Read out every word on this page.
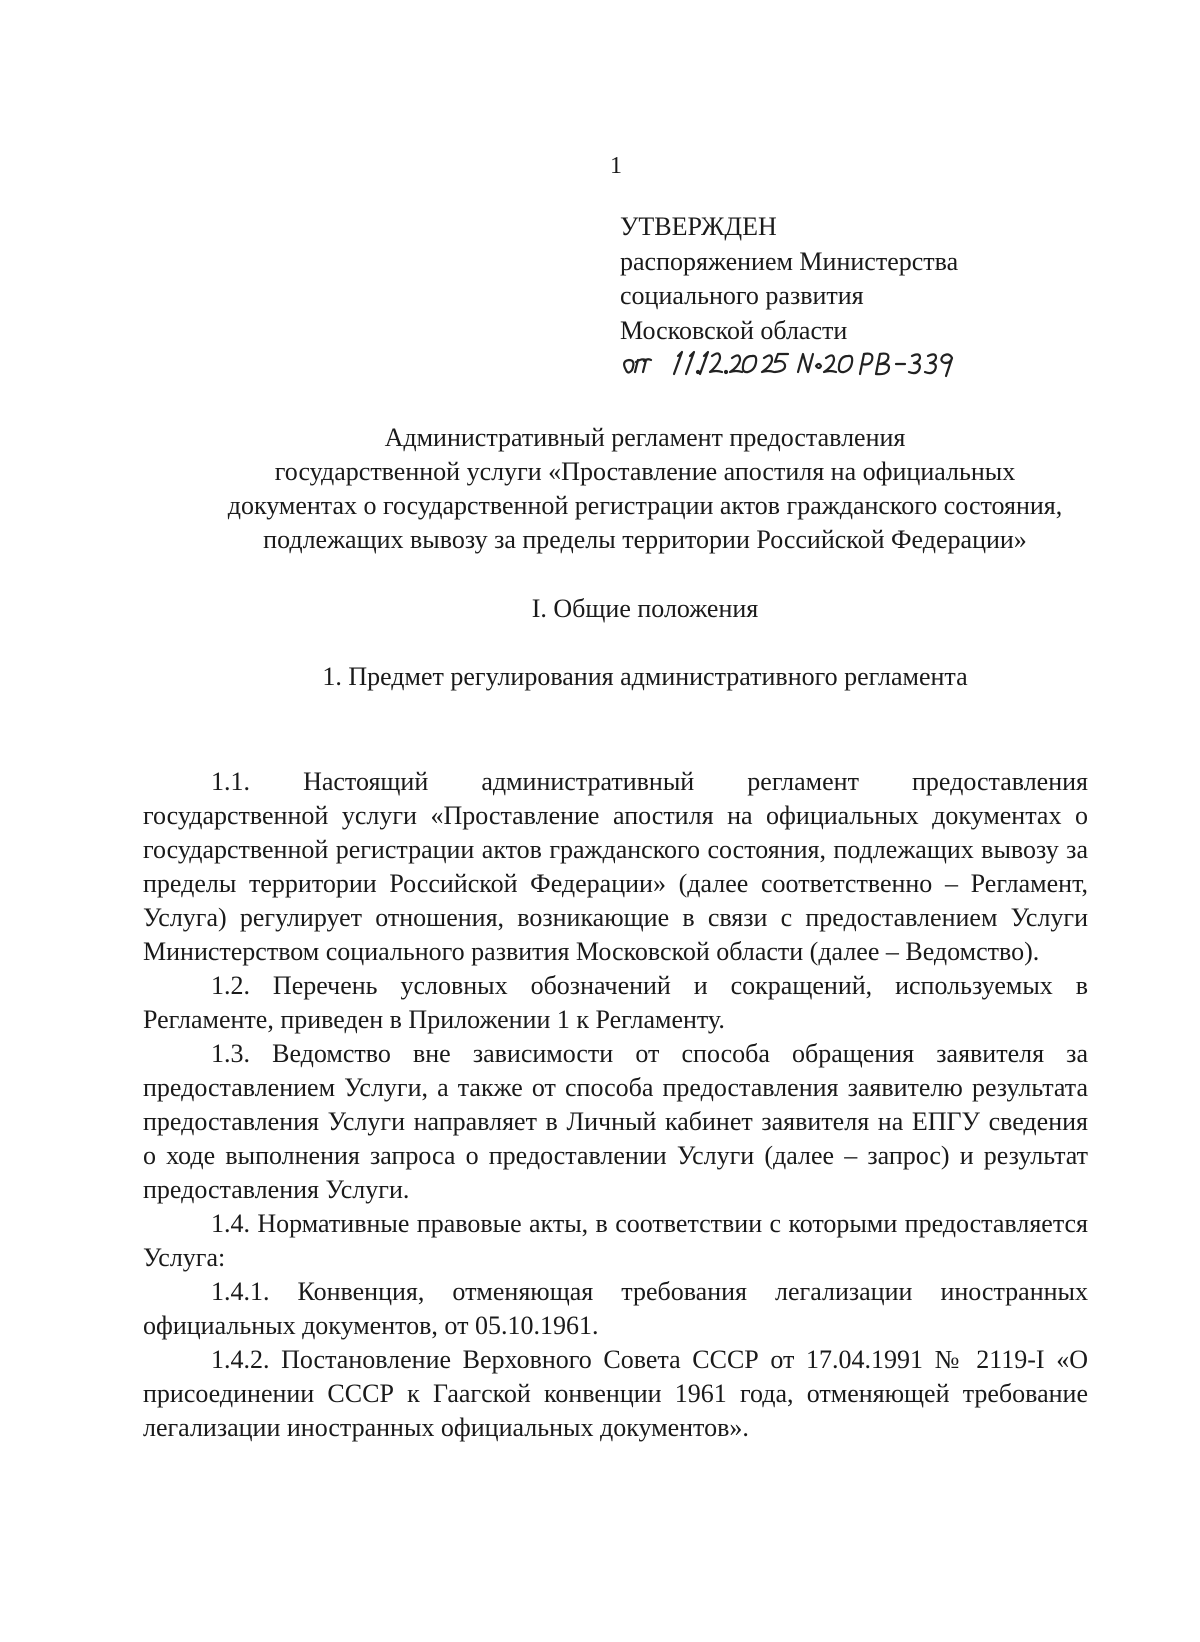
1
УТВЕРЖДЕН
распоряжением Министерства
социального развития
Московской области
Административный регламент предоставления
государственной услуги «Проставление апостиля на официальных
документах о государственной регистрации актов гражданского состояния,
подлежащих вывозу за пределы территории Российской Федерации»
I. Общие положения
1. Предмет регулирования административного регламента

1.1. Настоящий административный регламент предоставления государственной услуги «Проставление апостиля на официальных документах о государственной регистрации актов гражданского состояния, подлежащих вывозу за пределы территории Российской Федерации» (далее соответственно – Регламент, Услуга) регулирует отношения, возникающие в связи с предоставлением Услуги Министерством социального развития Московской области (далее – Ведомство).

1.2. Перечень условных обозначений и сокращений, используемых в Регламенте, приведен в Приложении 1 к Регламенту.

1.3. Ведомство вне зависимости от способа обращения заявителя за предоставлением Услуги, а также от способа предоставления заявителю результата предоставления Услуги направляет в Личный кабинет заявителя на ЕПГУ сведения о ходе выполнения запроса о предоставлении Услуги (далее – запрос) и результат предоставления Услуги.

1.4. Нормативные правовые акты, в соответствии с которыми предоставляется Услуга:

1.4.1. Конвенция, отменяющая требования легализации иностранных официальных документов, от 05.10.1961.

1.4.2. Постановление Верховного Совета СССР от 17.04.1991 № 2119-I «О присоединении СССР к Гаагской конвенции 1961 года, отменяющей требование легализации иностранных официальных документов».
